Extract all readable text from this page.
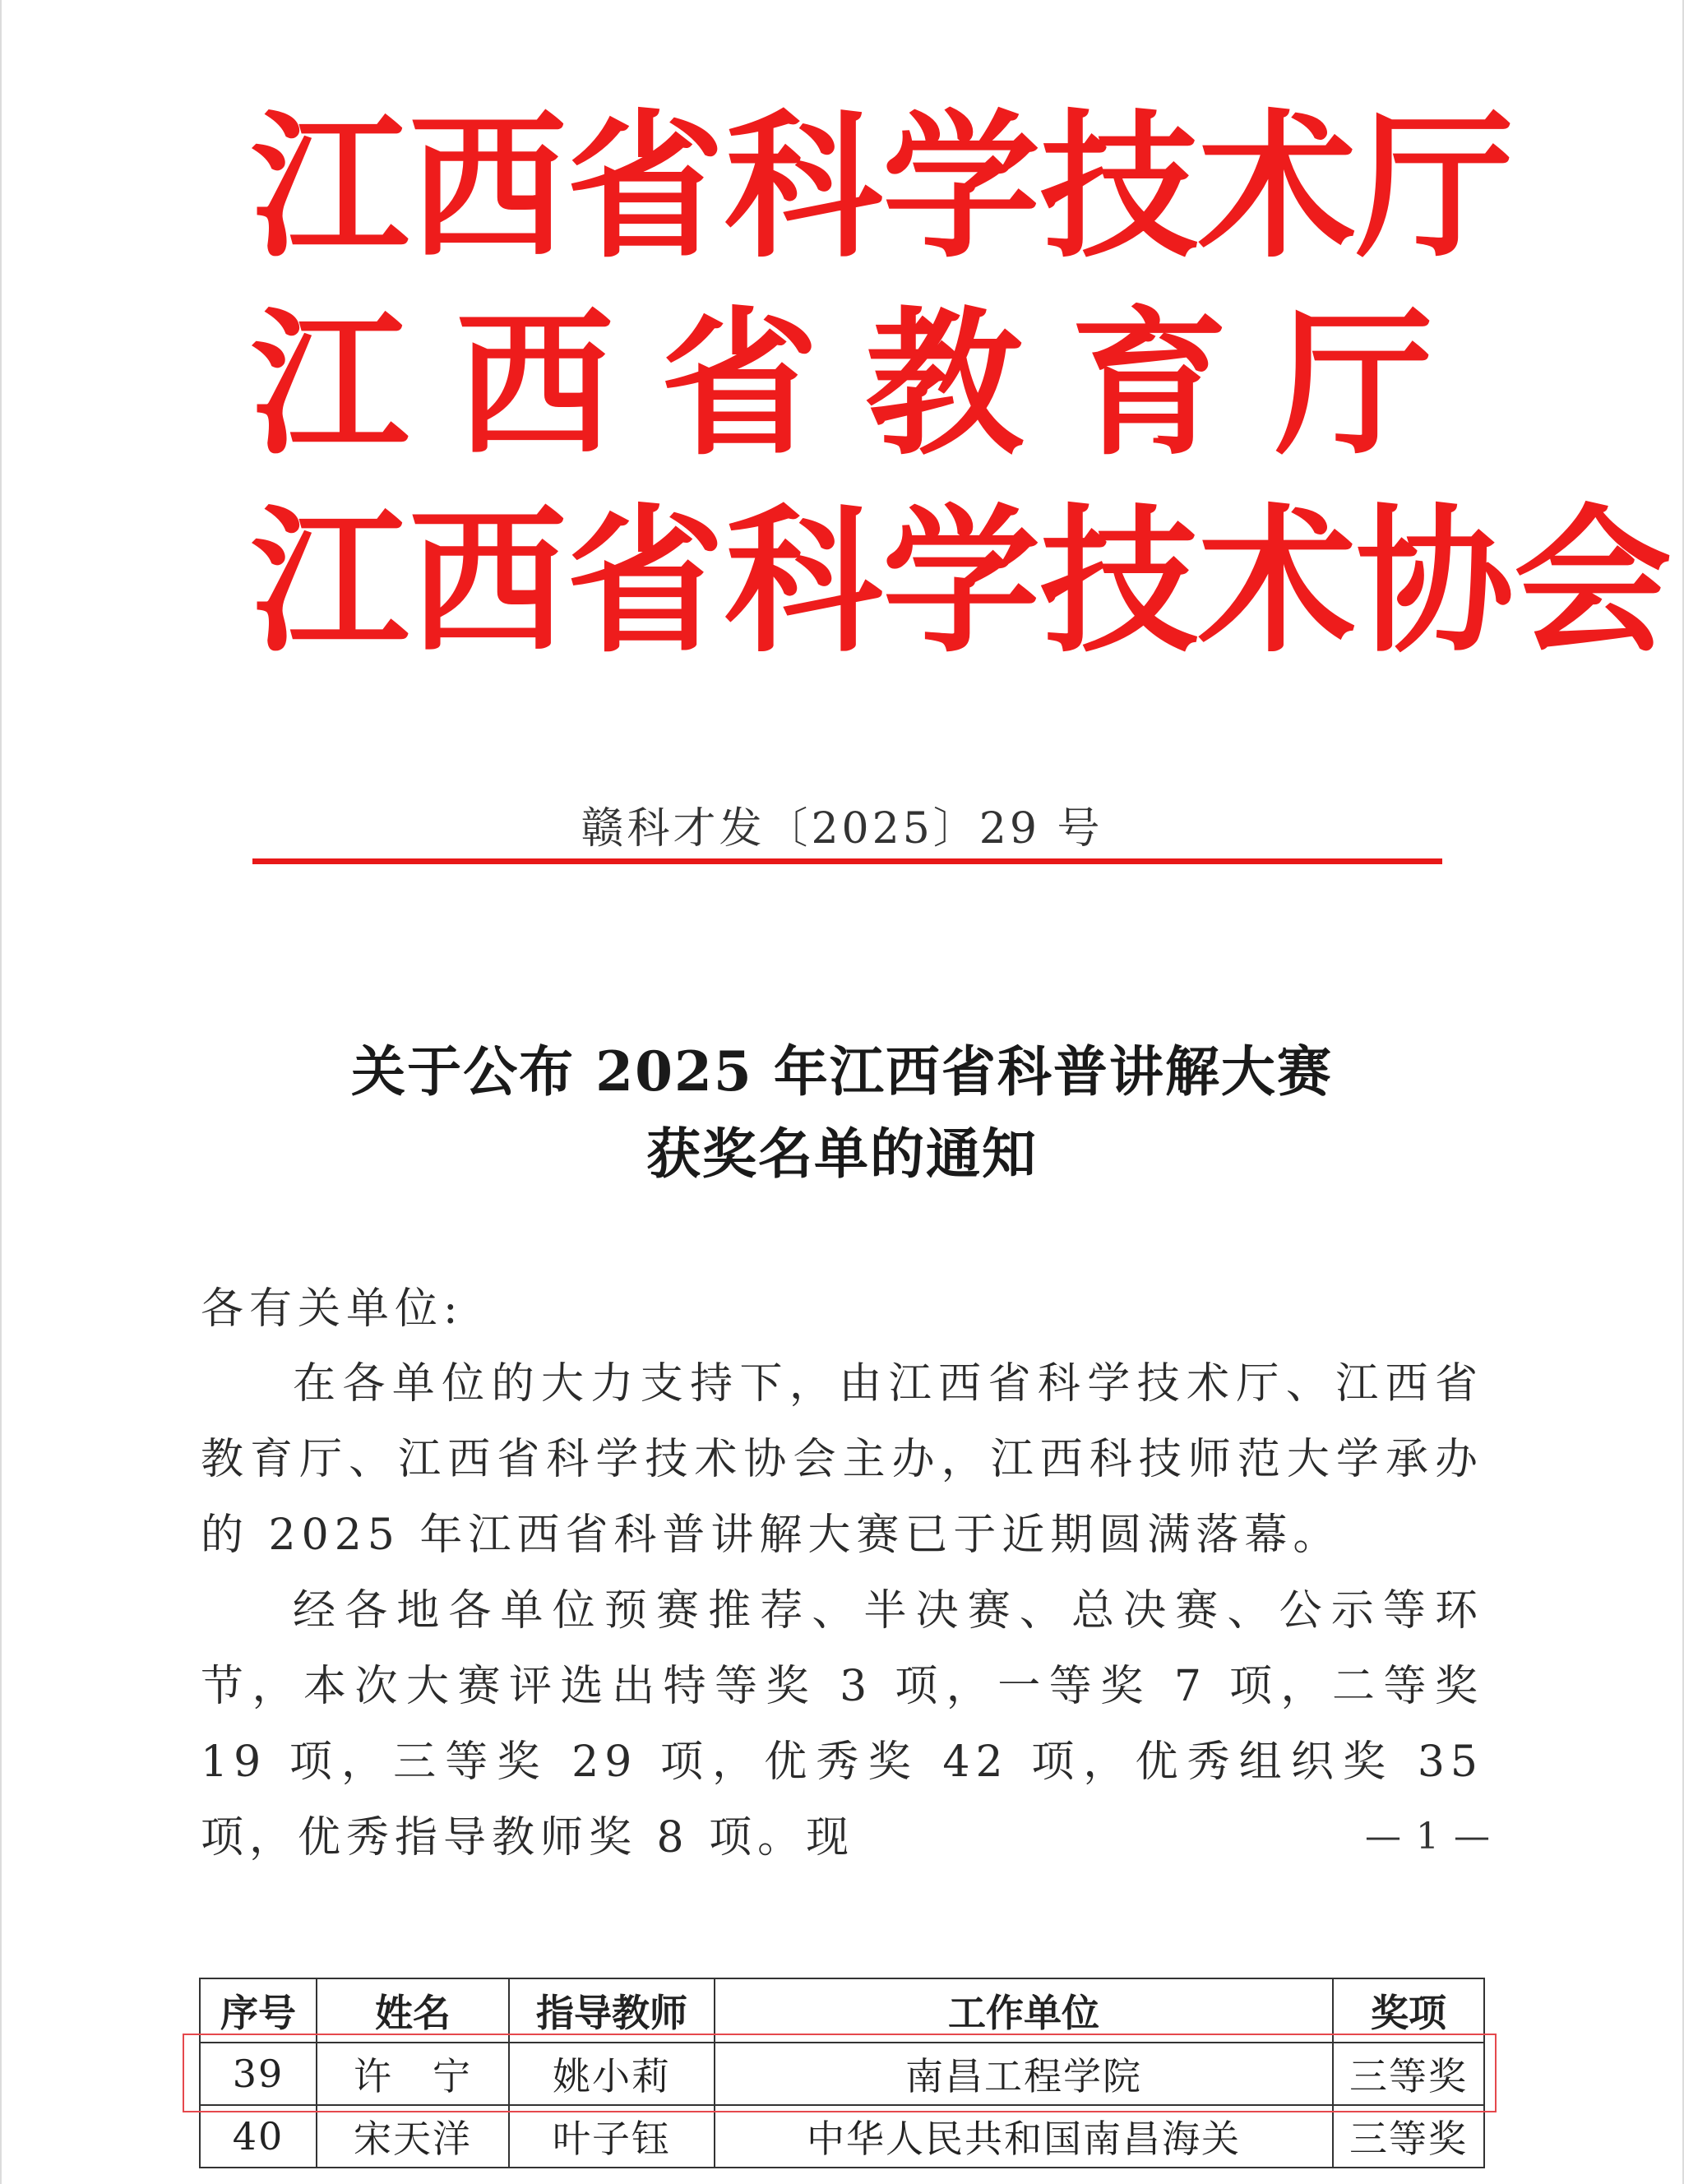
江 西 省 科 学 技 术 厅
江 西 省 教 育 厅
江 西 省 科 学 技 术 协 会
赣科才发〔2025〕29 号
关于公布 2025 年江西省科普讲解大赛
获奖名单的通知
各有关单位:
在各单位的大力支持下，由江西省科学技术厅、江西省教育厅、江西省科学技术协会主办，江西科技师范大学承办的 2025 年江西省科普讲解大赛已于近期圆满落幕。
经各地各单位预赛推荐、半决赛、总决赛、公示等环节，本次大赛评选出特等奖 3 项，一等奖 7 项，二等奖 19 项，三等奖 29 项，优秀奖 42 项，优秀组织奖 35 项，优秀指导教师奖 8 项。现	— 1 —
序号	姓名	指导教师	工作单位	奖项
39	许　宁	姚小莉	南昌工程学院	三等奖
40	宋天洋	叶子钰	中华人民共和国南昌海关	三等奖
